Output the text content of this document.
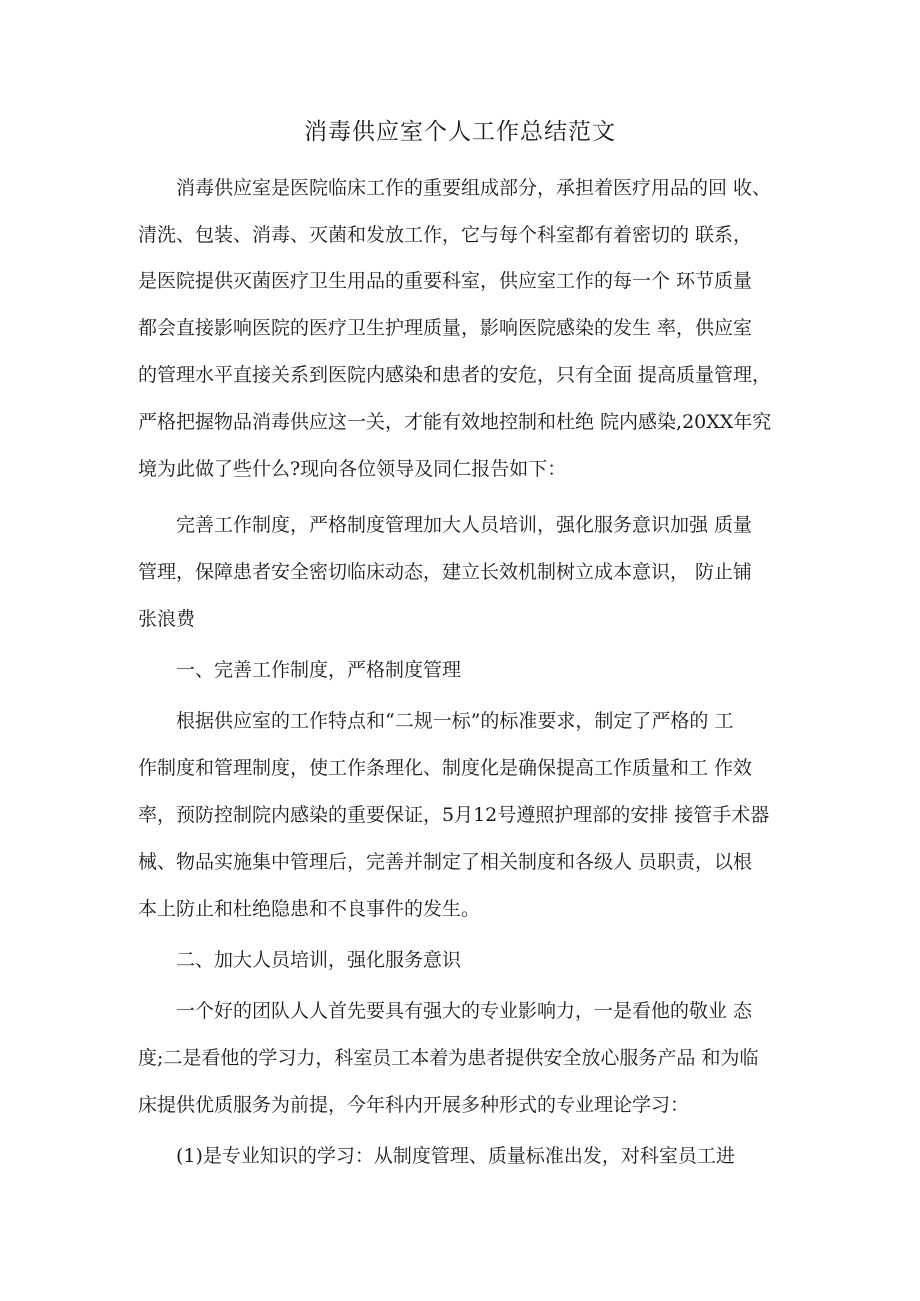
消毒供应室个人工作总结范文
消毒供应室是医院临床工作的重要组成部分，承担着医疗用品的回 收、
清洗、包装、消毒、灭菌和发放工作，它与每个科室都有着密切的 联系，
是医院提供灭菌医疗卫生用品的重要科室，供应室工作的每一个 环节质量
都会直接影响医院的医疗卫生护理质量，影响医院感染的发生 率，供应室
的管理水平直接关系到医院内感染和患者的安危，只有全面 提高质量管理，
严格把握物品消毒供应这一关，才能有效地控制和杜绝 院内感染,20XX年究
境为此做了些什么?现向各位领导及同仁报告如下：
完善工作制度，严格制度管理加大人员培训，强化服务意识加强 质量
管理，保障患者安全密切临床动态，建立长效机制树立成本意识， 防止铺
张浪费
一、完善工作制度，严格制度管理
根据供应室的工作特点和“二规一标”的标准要求，制定了严格的 工
作制度和管理制度，使工作条理化、制度化是确保提高工作质量和工 作效
率，预防控制院内感染的重要保证，5月12号遵照护理部的安排 接管手术器
械、物品实施集中管理后，完善并制定了相关制度和各级人 员职责，以根
本上防止和杜绝隐患和不良事件的发生。
二、加大人员培训，强化服务意识
一个好的团队人人首先要具有强大的专业影响力，一是看他的敬业 态
度;二是看他的学习力，科室员工本着为患者提供安全放心服务产品 和为临
床提供优质服务为前提，今年科内开展多种形式的专业理论学习：
(1)是专业知识的学习：从制度管理、质量标准出发，对科室员工进
